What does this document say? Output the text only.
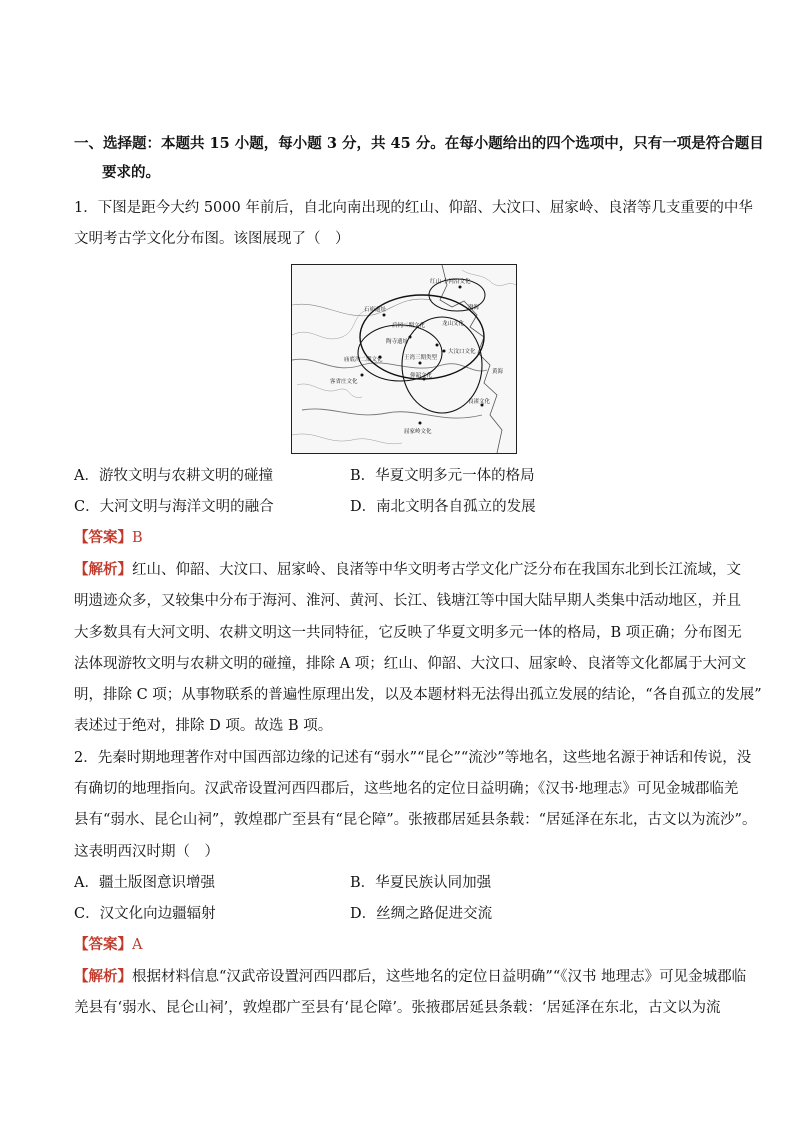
一、选择题：本题共 15 小题，每小题 3 分，共 45 分。在每小题给出的四个选项中，只有一项是符合题目
要求的。
1．下图是距今大约 5000 年前后，自北向南出现的红山、仰韶、大汶口、屈家岭、良渚等几支重要的中华
文明考古学文化分布图。该图展现了（　）
红山-小河沿文化
石峁遗址
后冈二期文化	龙山文化
陶寺遗址
大汶口文化
庙底沟二期文化	王湾三期类型
客省庄文化
仰韶文化
良渚文化
屈家岭文化
渤海
黄海
A．游牧文明与农耕文明的碰撞	B．华夏文明多元一体的格局
C．大河文明与海洋文明的融合	D．南北文明各自孤立的发展
【答案】B
【解析】红山、仰韶、大汶口、屈家岭、良渚等中华文明考古学文化广泛分布在我国东北到长江流域，文
明遗迹众多，又较集中分布于海河、淮河、黄河、长江、钱塘江等中国大陆早期人类集中活动地区，并且
大多数具有大河文明、农耕文明这一共同特征，它反映了华夏文明多元一体的格局，B 项正确；分布图无
法体现游牧文明与农耕文明的碰撞，排除 A 项；红山、仰韶、大汶口、屈家岭、良渚等文化都属于大河文
明，排除 C 项；从事物联系的普遍性原理出发，以及本题材料无法得出孤立发展的结论，“各自孤立的发展”
表述过于绝对，排除 D 项。故选 B 项。
2．先秦时期地理著作对中国西部边缘的记述有“弱水”“昆仑”“流沙”等地名，这些地名源于神话和传说，没
有确切的地理指向。汉武帝设置河西四郡后，这些地名的定位日益明确；《汉书·地理志》可见金城郡临羌
县有“弱水、昆仑山祠”，敦煌郡广至县有“昆仑障”。张掖郡居延县条载：“居延泽在东北，古文以为流沙”。
这表明西汉时期（　）
A．疆土版图意识增强	B．华夏民族认同加强
C．汉文化向边疆辐射	D．丝绸之路促进交流
【答案】A
【解析】根据材料信息“汉武帝设置河西四郡后，这些地名的定位日益明确”“《汉书 地理志》可见金城郡临
羌县有‘弱水、昆仑山祠’，敦煌郡广至县有‘昆仑障’。张掖郡居延县条载：‘居延泽在东北，古文以为流
